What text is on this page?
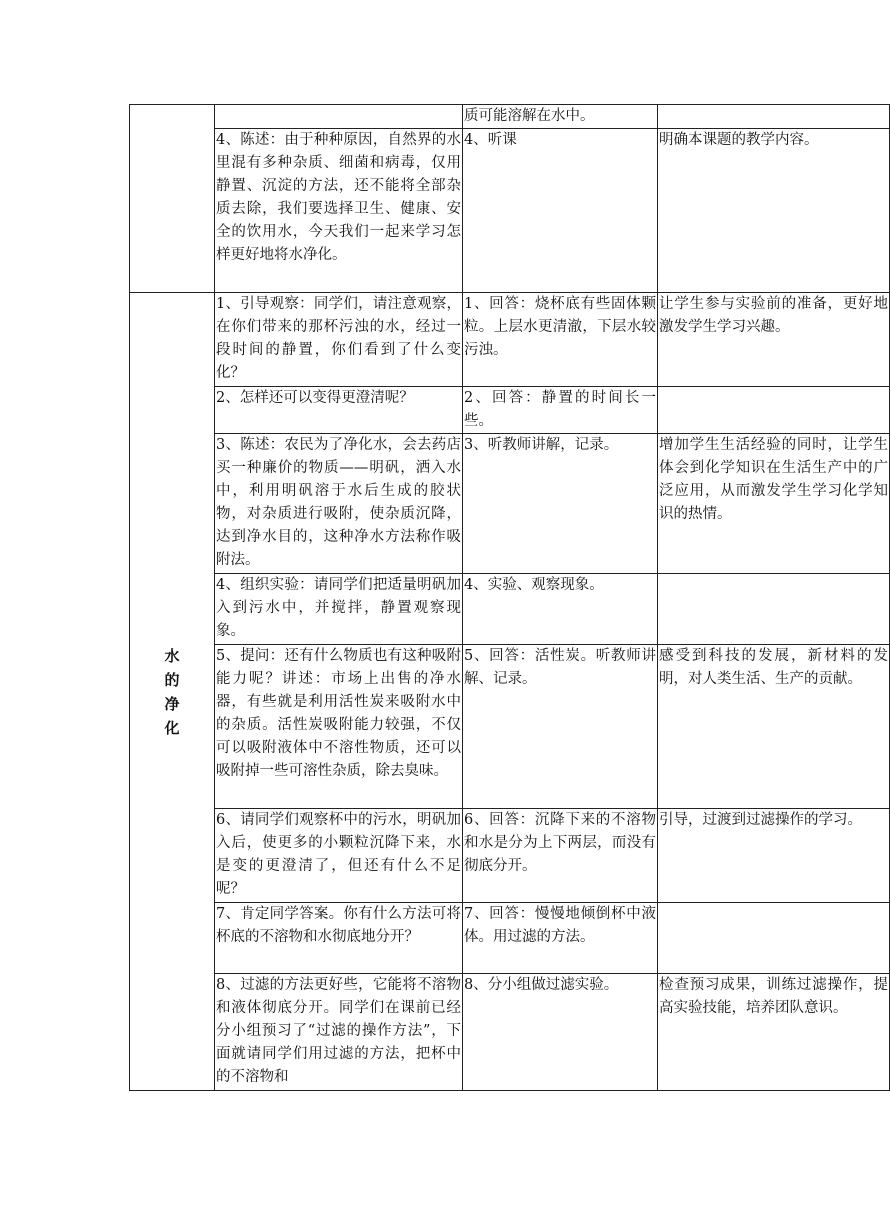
		质可能溶解在水中。	
	4、陈述：由于种种原因，自然界的水里混有多种杂质、细菌和病毒，仅用静置、沉淀的方法，还不能将全部杂质去除，我们要选择卫生、健康、安全的饮用水，今天我们一起来学习怎样更好地将水净化。	4、听课	明确本课题的教学内容。

水
的
净
化	1、引导观察：同学们，请注意观察，在你们带来的那杯污浊的水，经过一段时间的静置，你们看到了什么变化？	1、回答：烧杯底有些固体颗粒。上层水更清澈，下层水较污浊。	让学生参与实验前的准备，更好地激发学生学习兴趣。
	2、怎样还可以变得更澄清呢？	2、回答：静置的时间长一些。	
	3、陈述：农民为了净化水，会去药店买一种廉价的物质——明矾，洒入水中，利用明矾溶于水后生成的胶状物，对杂质进行吸附，使杂质沉降，达到净水目的，这种净水方法称作吸附法。	3、听教师讲解，记录。	增加学生生活经验的同时，让学生体会到化学知识在生活生产中的广泛应用，从而激发学生学习化学知识的热情。
	4、组织实验：请同学们把适量明矾加入到污水中，并搅拌，静置观察现象。	4、实验、观察现象。	
	5、提问：还有什么物质也有这种吸附能力呢？讲述：市场上出售的净水器，有些就是利用活性炭来吸附水中的杂质。活性炭吸附能力较强，不仅可以吸附液体中不溶性物质，还可以吸附掉一些可溶性杂质，除去臭味。	5、回答：活性炭。听教师讲解、记录。	感受到科技的发展，新材料的发明，对人类生活、生产的贡献。
	6、请同学们观察杯中的污水，明矾加入后，使更多的小颗粒沉降下来，水是变的更澄清了，但还有什么不足呢？	6、回答：沉降下来的不溶物和水是分为上下两层，而没有彻底分开。	引导，过渡到过滤操作的学习。
	7、肯定同学答案。你有什么方法可将杯底的不溶物和水彻底地分开？	7、回答：慢慢地倾倒杯中液体。用过滤的方法。	
	8、过滤的方法更好些，它能将不溶物和液体彻底分开。同学们在课前已经分小组预习了“过滤的操作方法”，下面就请同学们用过滤的方法，把杯中的不溶物和	8、分小组做过滤实验。	检查预习成果，训练过滤操作，提高实验技能，培养团队意识。
